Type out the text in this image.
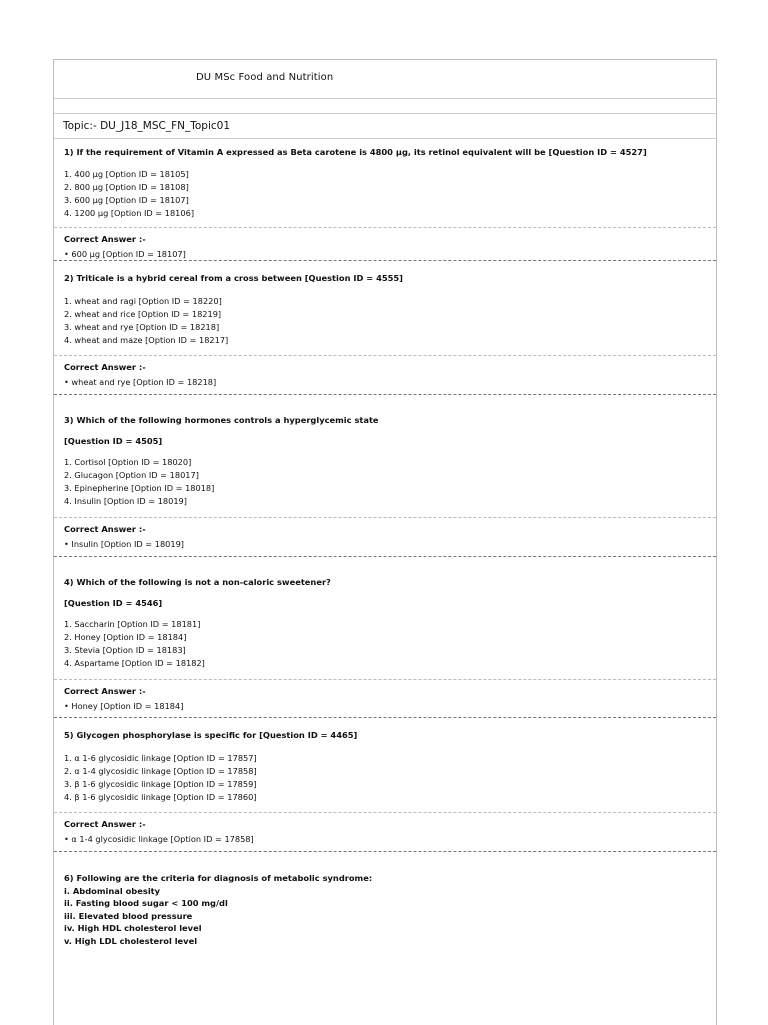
DU MSc Food and Nutrition
Topic:- DU_J18_MSC_FN_Topic01
1) If the requirement of Vitamin A expressed as Beta carotene is 4800 μg, its retinol equivalent will be [Question ID = 4527]
1. 400 μg [Option ID = 18105]
2. 800 μg [Option ID = 18108]
3. 600 μg [Option ID = 18107]
4. 1200 μg [Option ID = 18106]
Correct Answer :-
• 600 μg [Option ID = 18107]
2) Triticale is a hybrid cereal from a cross between [Question ID = 4555]
1. wheat and ragi [Option ID = 18220]
2. wheat and rice [Option ID = 18219]
3. wheat and rye [Option ID = 18218]
4. wheat and maze [Option ID = 18217]
Correct Answer :-
• wheat and rye [Option ID = 18218]
3) Which of the following hormones controls a hyperglycemic state
[Question ID = 4505]
1. Cortisol [Option ID = 18020]
2. Glucagon [Option ID = 18017]
3. Epinepherine [Option ID = 18018]
4. Insulin [Option ID = 18019]
Correct Answer :-
• Insulin [Option ID = 18019]
4) Which of the following is not a non-caloric sweetener?
[Question ID = 4546]
1. Saccharin [Option ID = 18181]
2. Honey [Option ID = 18184]
3. Stevia [Option ID = 18183]
4. Aspartame [Option ID = 18182]
Correct Answer :-
• Honey [Option ID = 18184]
5) Glycogen phosphorylase is specific for [Question ID = 4465]
1. α 1-6 glycosidic linkage [Option ID = 17857]
2. α 1-4 glycosidic linkage [Option ID = 17858]
3. β 1-6 glycosidic linkage [Option ID = 17859]
4. β 1-6 glycosidic linkage [Option ID = 17860]
Correct Answer :-
• α 1-4 glycosidic linkage [Option ID = 17858]
6) Following are the criteria for diagnosis of metabolic syndrome:
i. Abdominal obesity
ii. Fasting blood sugar < 100 mg/dl
iii. Elevated blood pressure
iv. High HDL cholesterol level
v. High LDL cholesterol level
